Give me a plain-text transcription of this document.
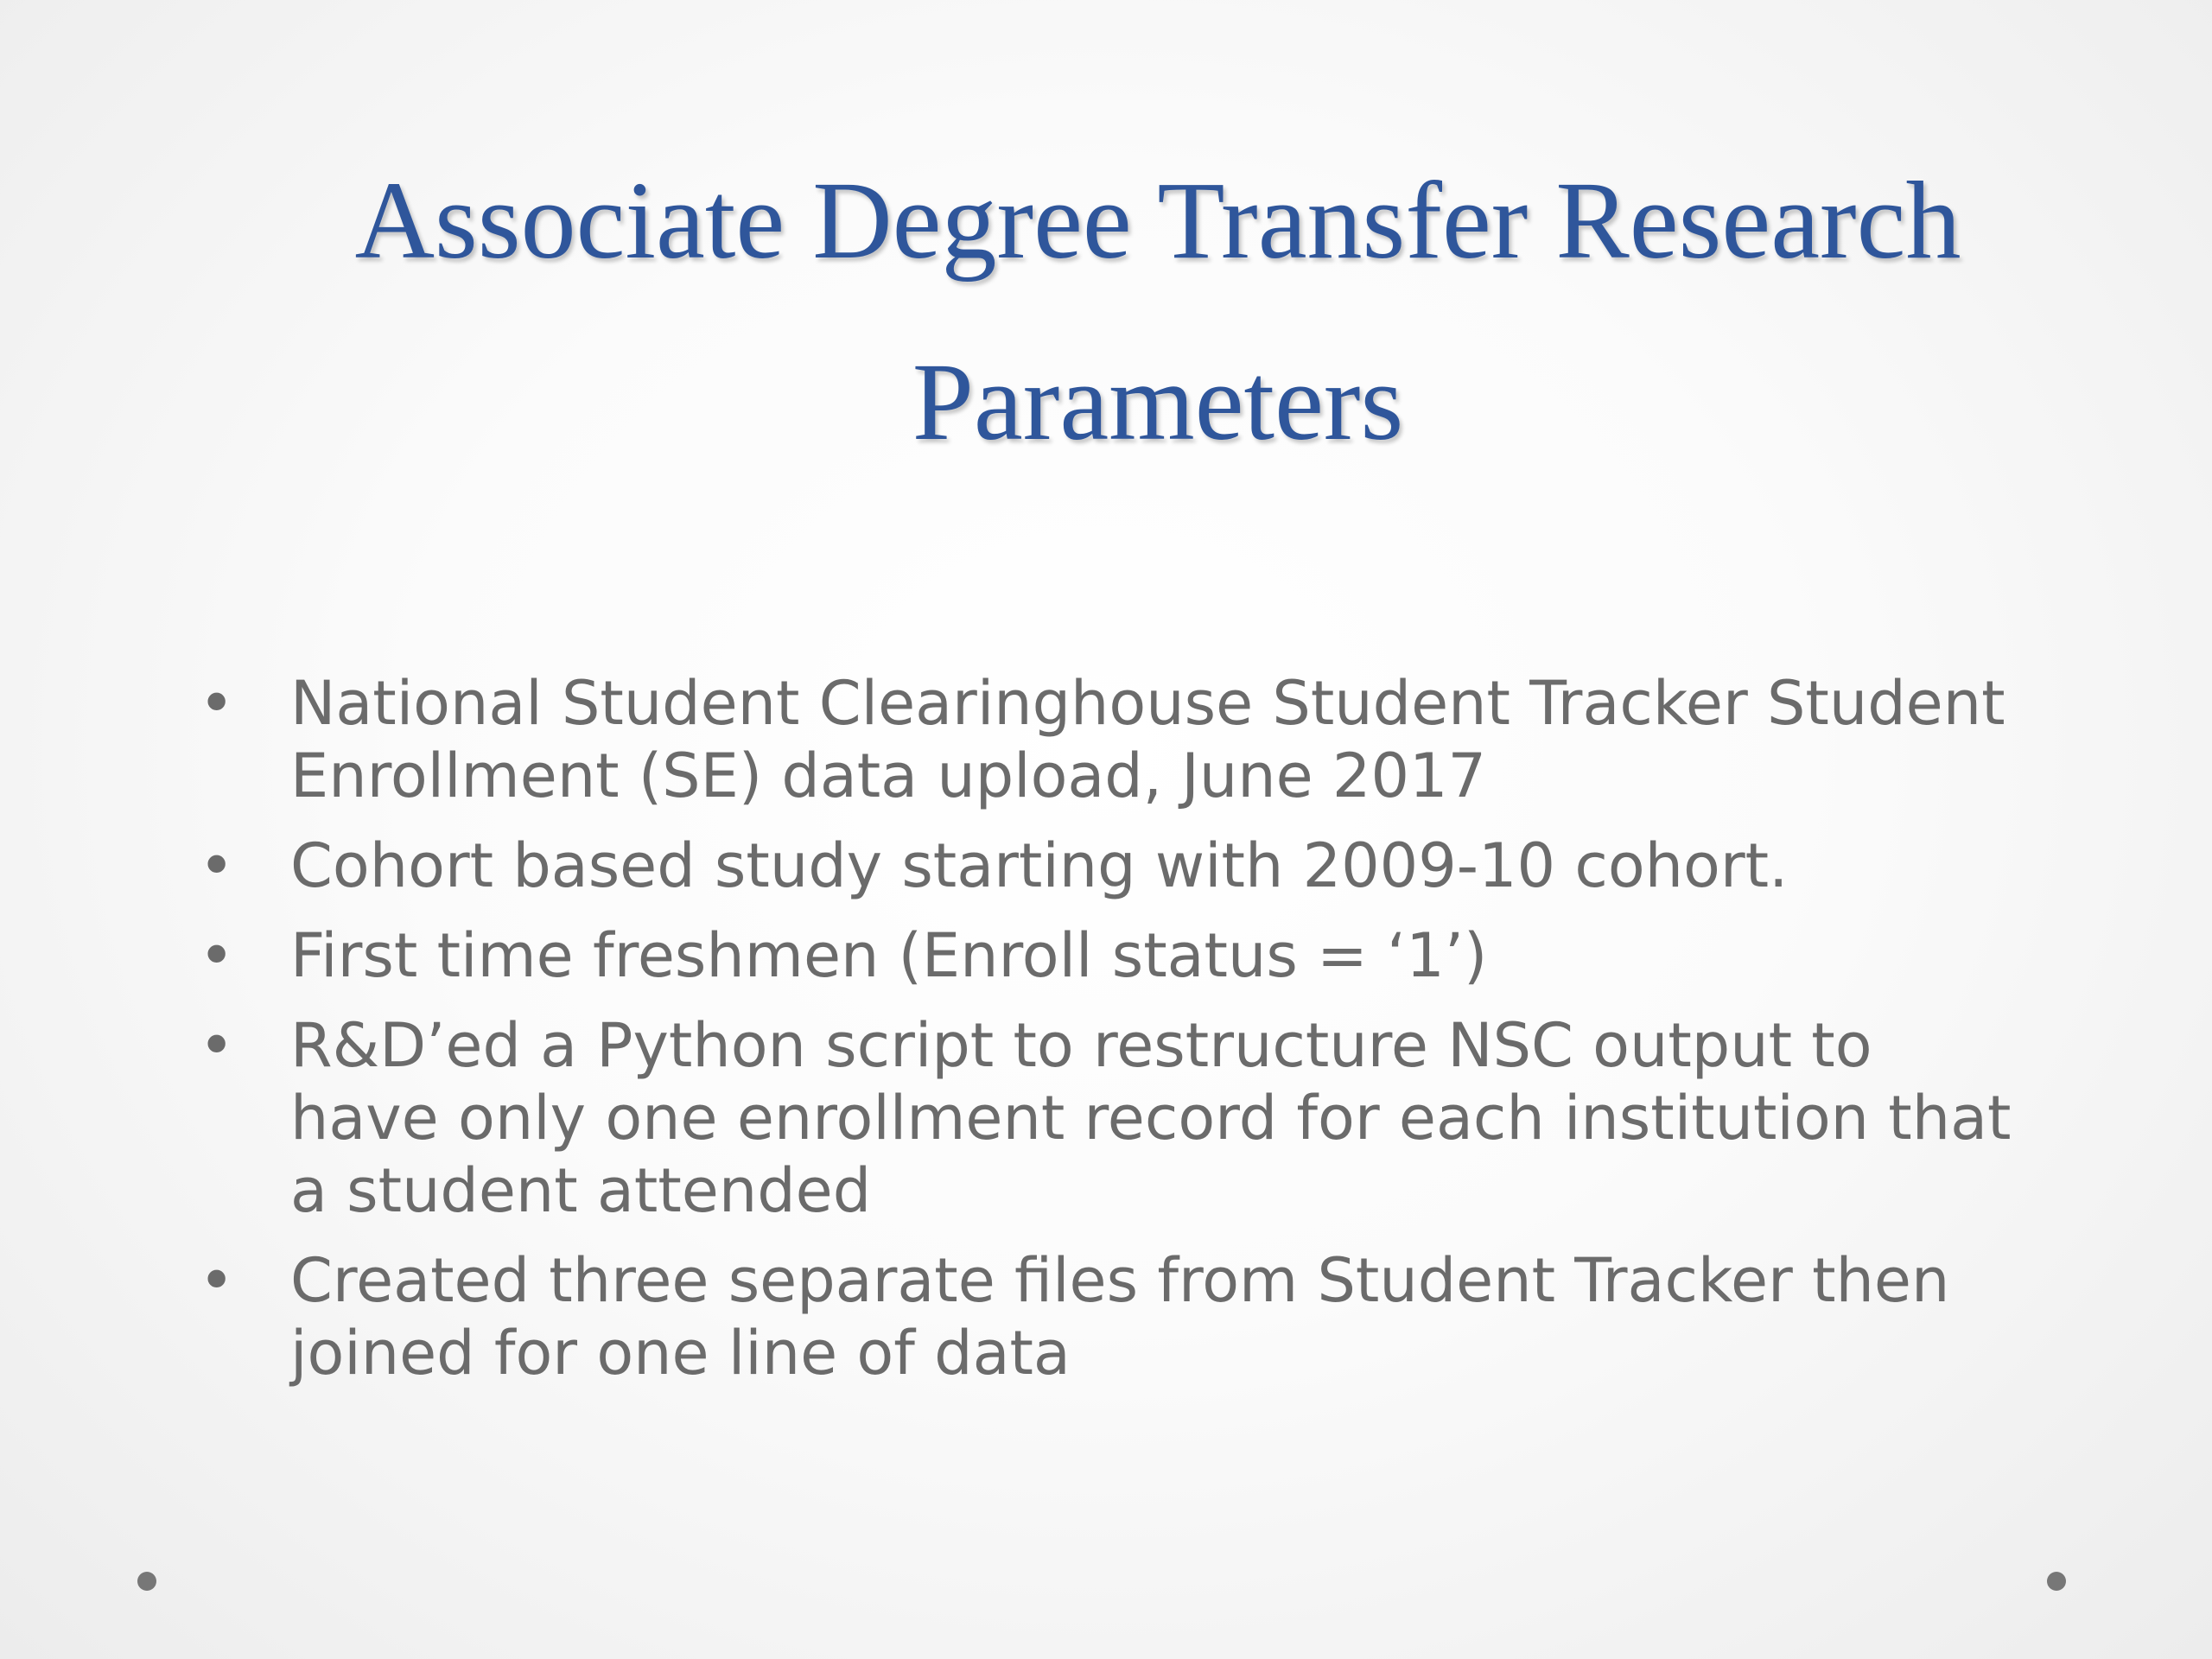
Associate Degree Transfer Research Parameters
• National Student Clearinghouse Student Tracker Student Enrollment (SE) data upload, June 2017
• Cohort based study starting with 2009-10 cohort.
• First time freshmen (Enroll status = ‘1’)
• R&D’ed a Python script to restructure NSC output to have only one enrollment record for each institution that a student attended
• Created three separate files from Student Tracker then joined for one line of data
